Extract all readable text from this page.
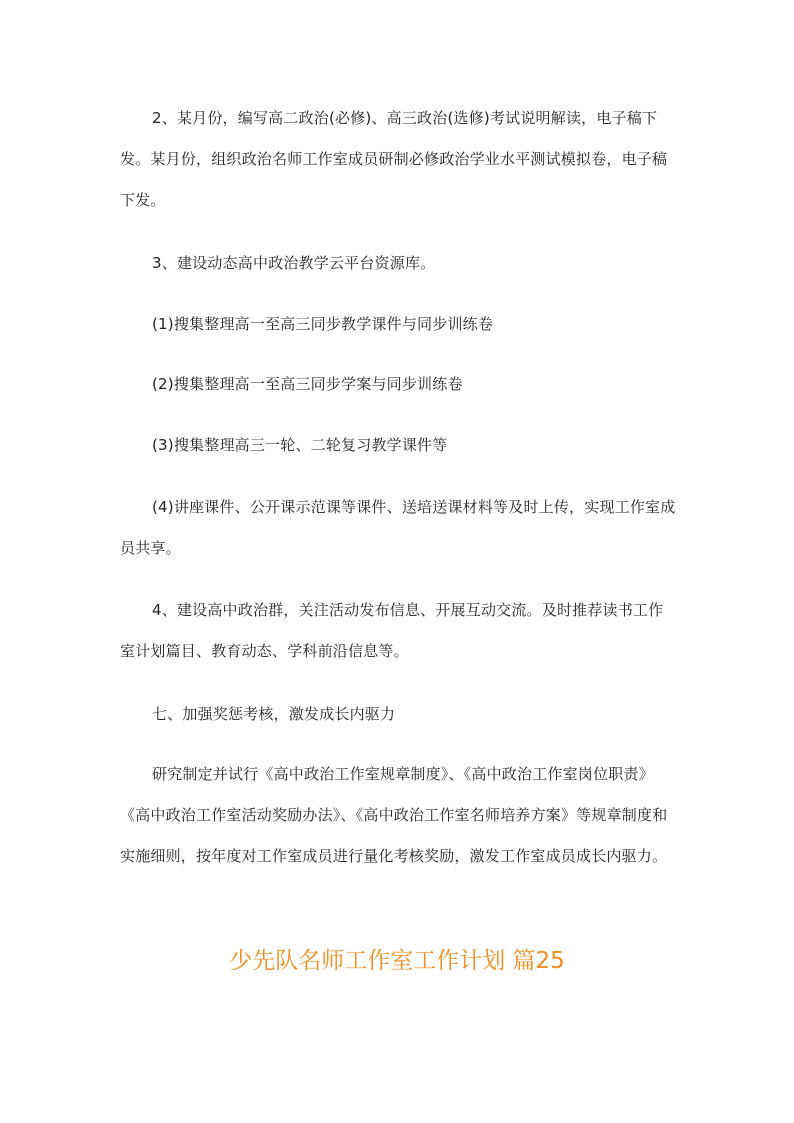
2、某月份，编写高二政治(必修)、高三政治(选修)考试说明解读，电子稿下发。某月份，组织政治名师工作室成员研制必修政治学业水平测试模拟卷，电子稿下发。

3、建设动态高中政治教学云平台资源库。

(1)搜集整理高一至高三同步教学课件与同步训练卷

(2)搜集整理高一至高三同步学案与同步训练卷

(3)搜集整理高三一轮、二轮复习教学课件等

(4)讲座课件、公开课示范课等课件、送培送课材料等及时上传，实现工作室成员共享。

4、建设高中政治群，关注活动发布信息、开展互动交流。及时推荐读书工作室计划篇目、教育动态、学科前沿信息等。

七、加强奖惩考核，激发成长内驱力

研究制定并试行《高中政治工作室规章制度》、《高中政治工作室岗位职责》《高中政治工作室活动奖励办法》、《高中政治工作室名师培养方案》等规章制度和实施细则，按年度对工作室成员进行量化考核奖励，激发工作室成员成长内驱力。

少先队名师工作室工作计划 篇25
